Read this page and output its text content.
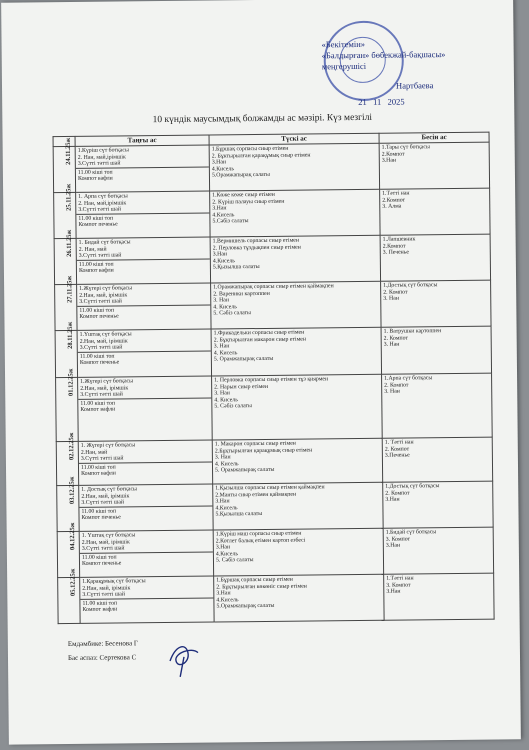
«Бекітемін»
«Балдырған» бөбекжай-бақшасы»
меңгерушісі
Нартбаева
21 11 2025
10 күндік маусымдық болжамды ас мәзірі. Күз мезгілі
	Таңғы ас	Түскі ас	Бесін ас
24.11.25ж	1.Күріш сүт ботқасы
2. Нан, май,ірімшік
3.Сүтті тәтті шай
11.00 кіші топ
Компот вафли	1.Бұршақ сорпасы сиыр етімен
2. Бұктырылған қарақұмық сиыр етімен
3.Нан
4.Кисель
5.Орамжапырақ салаты	1.Тары сүт ботқасы
2.Компот
3.Нан

25.11.25ж	1. Арпа сүт ботқасы
2. Нан, май,ірімшік
3.Сүтті тәтті шай
11.00 кіші топ
Компот печенье	1.Көже көже сиыр етімен
2. Күріш палауы сиыр етімен
3.Нан
4.Кисель
5.Сәбіз салаты	1.Тәтті нан
2.Компот
3. Алма

26.11.25ж	1. Бидай сүт ботқасы
2. Нан, май
3.Сүтті тәтті шай
11.00 кіші топ
Компот вафли	1.Вермишель сорпасы сиыр етімен
2. Перловка тұздықпен сиыр етімен
3.Нан
4.Кисель
5.Қызылша салаты	1.Лапшевник
2.Компот
3. Печенье

27.11.25ж	1.Жүгері сүт ботқасы
2.Нан, май, ірімшік
3.Сүтті тәтті шай
11.00 кіші топ
Компот печенье	1.Орамжапырақ сорпасы сиыр етімен қаймақпен
2. Вареники картоппен
3. Нан
4. Кисель
5. Сәбіз салаты	1.Достық сүт ботқасы
2. Компот
3. Нан

28.11.25ж	1.Үштақ сүт ботқасы
2.Нан, май, ірімшік
3.Сүтті тәтті шай
11.00 кіші топ
Компот печенье	1.Фрикадельки сорпасы сиыр етімен
2. Бұқтырылған макарон сиыр етімен
3. Нан
4. Кисель
5. Орамжапырақ салаты	1. Ватрушки картоппен
2. Компот
3. Нан

01.12.25ж	1.Жүгері сүт ботқасы
2.Нан, май, ірімшік
3.Сүтті тәтті шай
11.00 кіші топ
Компот вафли	1. Перловка сорпасы сиыр етімен тұз қиярмен
2. Нарын сиыр етімен
3. Нан
4. Кисель
5. Сәбіз салаты	1.Арпа сүт ботқасы
2. Компот
3. Нан

02.12.25ж	1. Жүгері сүт ботқасы
2.Нан, май
3.Сүтті тәтті шай
11.00 кіші топ
Компот вафли	1. Макарон сорпасы сиыр етімен
2.Бұқтырылған қарақұмық сиыр етімен
3. Нан
4. Кисель
5. Орамжапырақ салаты	1. Тәтті нан
2. Компот
3.Печенье

03.12.25ж	1. Достық сүт ботқасы
2.Нан, май, ірімшік
3.Сүтті тәтті шай
11.00 кіші топ
Компот печенье	1.Қызылша сорпасы сиыр етімен қаймақпен
2.Манты сиыр етімен қаймақпен
3.Нан
4.Кисель
5.Қызылша салаты	1.Достық сүт ботқасы
2. Компот
3.Нан

04.12.25ж	1. Үштақ сүт ботқасы
2.Нан, май, ірімшік
3.Сүтті тәтті шай
11.00 кіші топ
Компот печенье	1.Күріш маш сорпасы сиыр етімен
2.Котлет балық етімен картоп езбесі
3.Нан
4.Кисель
5. Сәбіз салаты	1.Бидай сүт ботқасы
3. Компот
3.Нан

05.12.25ж	1.Қарақұмық сүт ботқасы
2.Нан, май, ірімшік
3.Сүтті тәтті шай
11.00 кіші топ
Компот вафли	1.Бұршақ сорпасы сиыр етімен
2. Бұқтырылған көкөніс сиыр етімен
3.Нан
4.Кисель
5.Орамжапырақ салаты	1.Тәтті нан
3. Компот
3.Нан
Емдәмбике: Бесенова Г
Бас аспаз: Сертекова С
